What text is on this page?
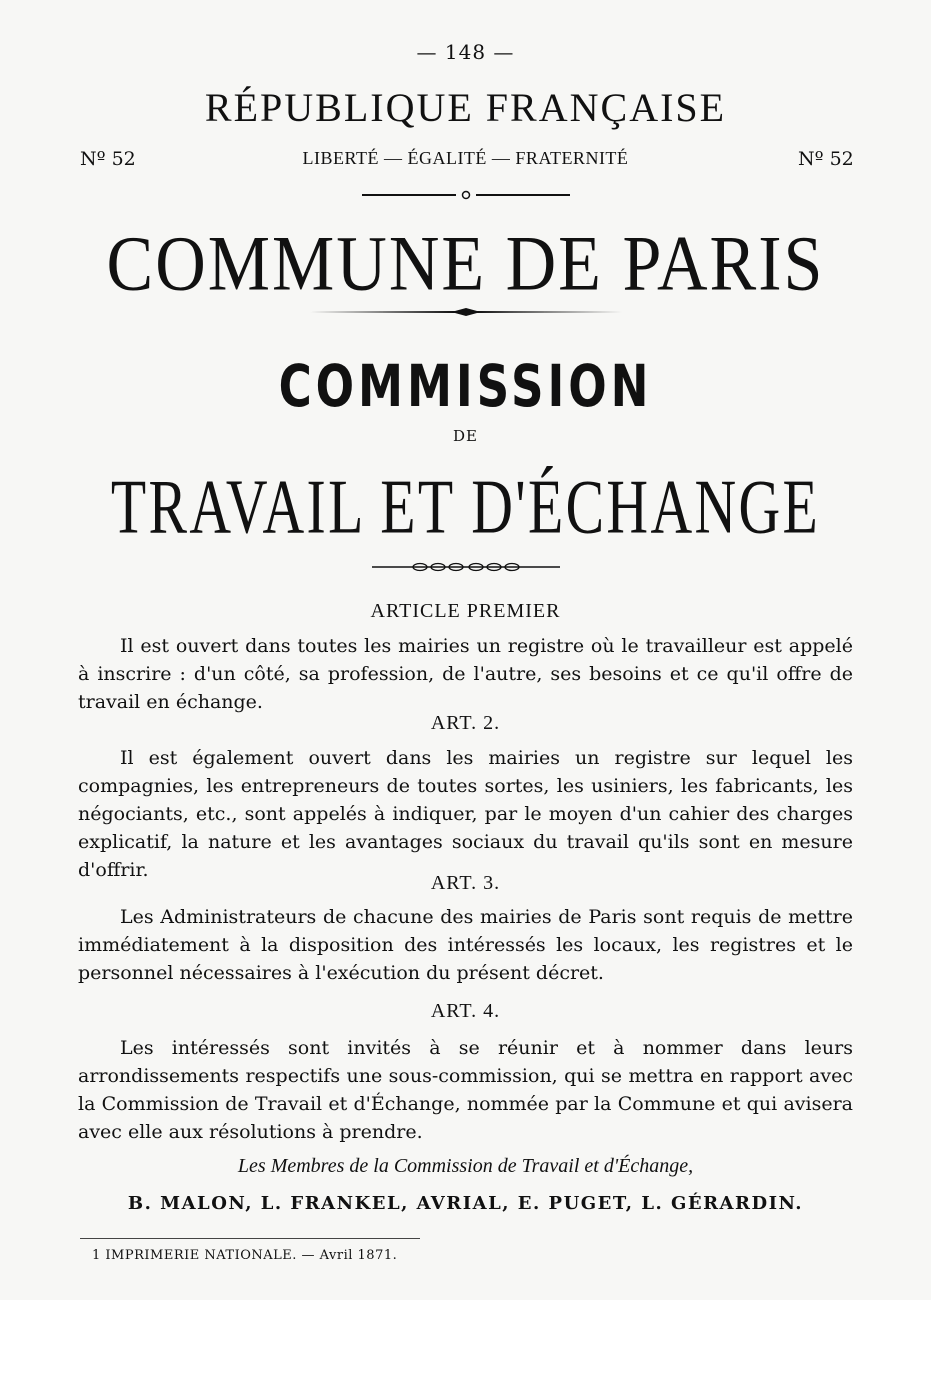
— 148 —
RÉPUBLIQUE FRANÇAISE
Nº 52	LIBERTÉ — ÉGALITÉ — FRATERNITÉ	Nº 52
COMMUNE DE PARIS
COMMISSION
DE
TRAVAIL ET D'ÉCHANGE
ARTICLE PREMIER
Il est ouvert dans toutes les mairies un registre où le travailleur est appelé à inscrire : d'un côté, sa profession, de l'autre, ses besoins et ce qu'il offre de travail en échange.
ART. 2.
Il est également ouvert dans les mairies un registre sur lequel les compagnies, les entrepreneurs de toutes sortes, les usiniers, les fabricants, les négociants, etc., sont appelés à indiquer, par le moyen d'un cahier des charges explicatif, la nature et les avantages sociaux du travail qu'ils sont en mesure d'offrir.
ART. 3.
Les Administrateurs de chacune des mairies de Paris sont requis de mettre immédiatement à la disposition des intéressés les locaux, les registres et le personnel nécessaires à l'exécution du présent décret.
ART. 4.
Les intéressés sont invités à se réunir et à nommer dans leurs arrondissements respectifs une sous-commission, qui se mettra en rapport avec la Commission de Travail et d'Échange, nommée par la Commune et qui avisera avec elle aux résolutions à prendre.
Les Membres de la Commission de Travail et d'Échange,
B. MALON, L. FRANKEL, AVRIAL, E. PUGET, L. GÉRARDIN.
1 IMPRIMERIE NATIONALE. — Avril 1871.
